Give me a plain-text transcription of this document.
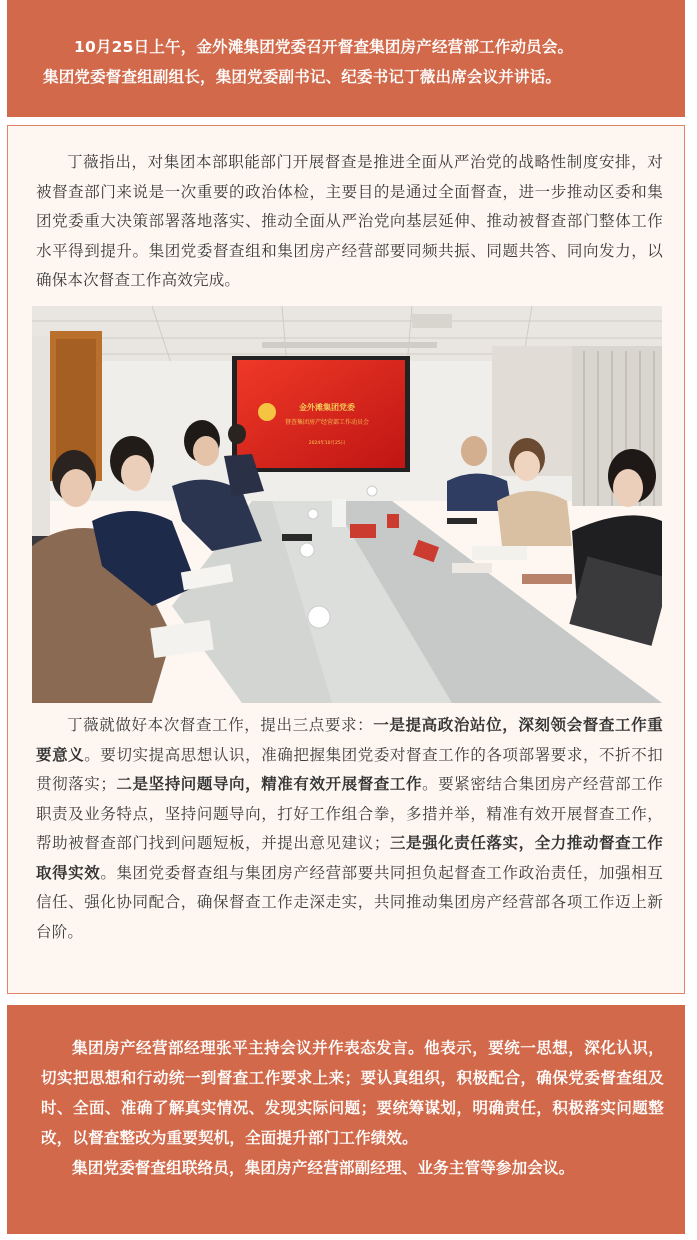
10月25日上午，金外滩集团党委召开督查集团房产经营部工作动员会。
集团党委督查组副组长，集团党委副书记、纪委书记丁薇出席会议并讲话。
丁薇指出，对集团本部职能部门开展督查是推进全面从严治党的战略性制度安排，对被督查部门来说是一次重要的政治体检，主要目的是通过全面督查，进一步推动区委和集团党委重大决策部署落地落实、推动全面从严治党向基层延伸、推动被督查部门整体工作水平得到提升。集团党委督查组和集团房产经营部要同频共振、同题共答、同向发力，以确保本次督查工作高效完成。
金外滩集团党委
督查集团房产经营部工作动员会
2024年10月25日
丁薇就做好本次督查工作，提出三点要求：一是提高政治站位，深刻领会督查工作重要意义。要切实提高思想认识，准确把握集团党委对督查工作的各项部署要求，不折不扣贯彻落实；二是坚持问题导向，精准有效开展督查工作。要紧密结合集团房产经营部工作职责及业务特点，坚持问题导向，打好工作组合拳，多措并举，精准有效开展督查工作，帮助被督查部门找到问题短板，并提出意见建议；三是强化责任落实，全力推动督查工作取得实效。集团党委督查组与集团房产经营部要共同担负起督查工作政治责任，加强相互信任、强化协同配合，确保督查工作走深走实，共同推动集团房产经营部各项工作迈上新台阶。

集团房产经营部经理张平主持会议并作表态发言。他表示，要统一思想，深化认识，切实把思想和行动统一到督查工作要求上来；要认真组织，积极配合，确保党委督查组及时、全面、准确了解真实情况、发现实际问题；要统筹谋划，明确责任，积极落实问题整改，以督查整改为重要契机，全面提升部门工作绩效。

集团党委督查组联络员，集团房产经营部副经理、业务主管等参加会议。
